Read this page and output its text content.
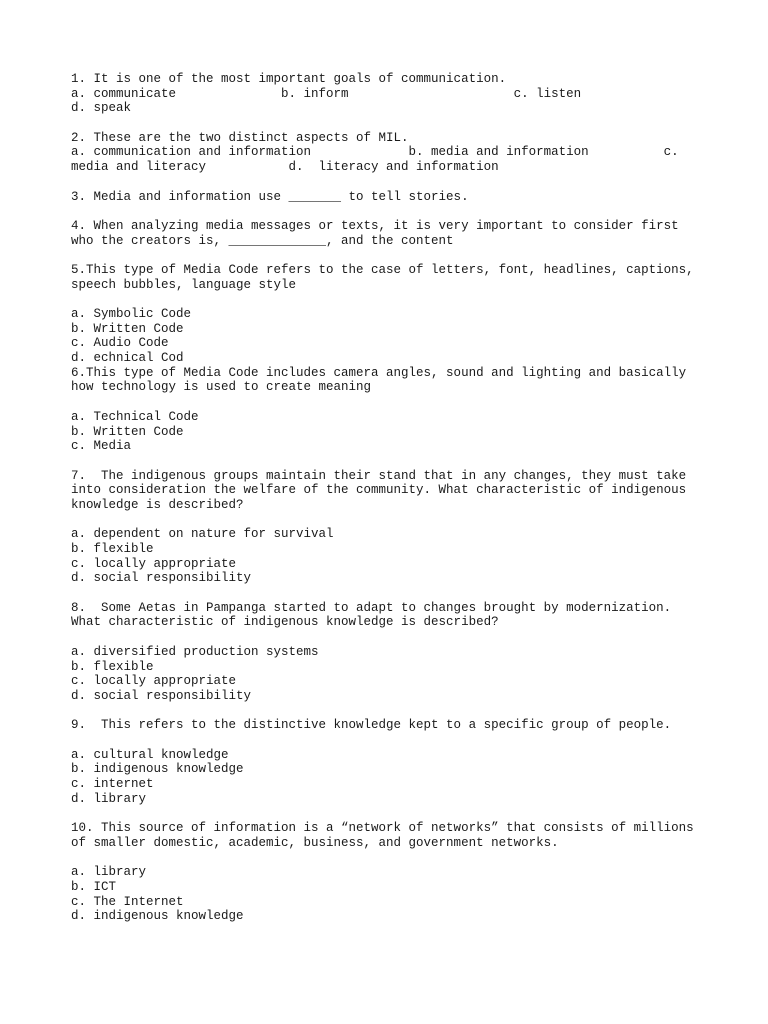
1. It is one of the most important goals of communication.
a. communicate              b. inform                      c. listen
d. speak
2. These are the two distinct aspects of MIL.
a. communication and information             b. media and information          c.
media and literacy           d.  literacy and information
3. Media and information use _______ to tell stories.
4. When analyzing media messages or texts, it is very important to consider first
who the creators is, _____________, and the content
5.This type of Media Code refers to the case of letters, font, headlines, captions,
speech bubbles, language style
a. Symbolic Code
b. Written Code
c. Audio Code
d. echnical Cod
6.This type of Media Code includes camera angles, sound and lighting and basically
how technology is used to create meaning
a. Technical Code
b. Written Code
c. Media
7.  The indigenous groups maintain their stand that in any changes, they must take
into consideration the welfare of the community. What characteristic of indigenous
knowledge is described?
a. dependent on nature for survival
b. flexible
c. locally appropriate
d. social responsibility
8.  Some Aetas in Pampanga started to adapt to changes brought by modernization.
What characteristic of indigenous knowledge is described?
a. diversified production systems
b. flexible
c. locally appropriate
d. social responsibility
9.  This refers to the distinctive knowledge kept to a specific group of people.
a. cultural knowledge
b. indigenous knowledge
c. internet
d. library
10. This source of information is a “network of networks” that consists of millions
of smaller domestic, academic, business, and government networks.
a. library
b. ICT
c. The Internet
d. indigenous knowledge
